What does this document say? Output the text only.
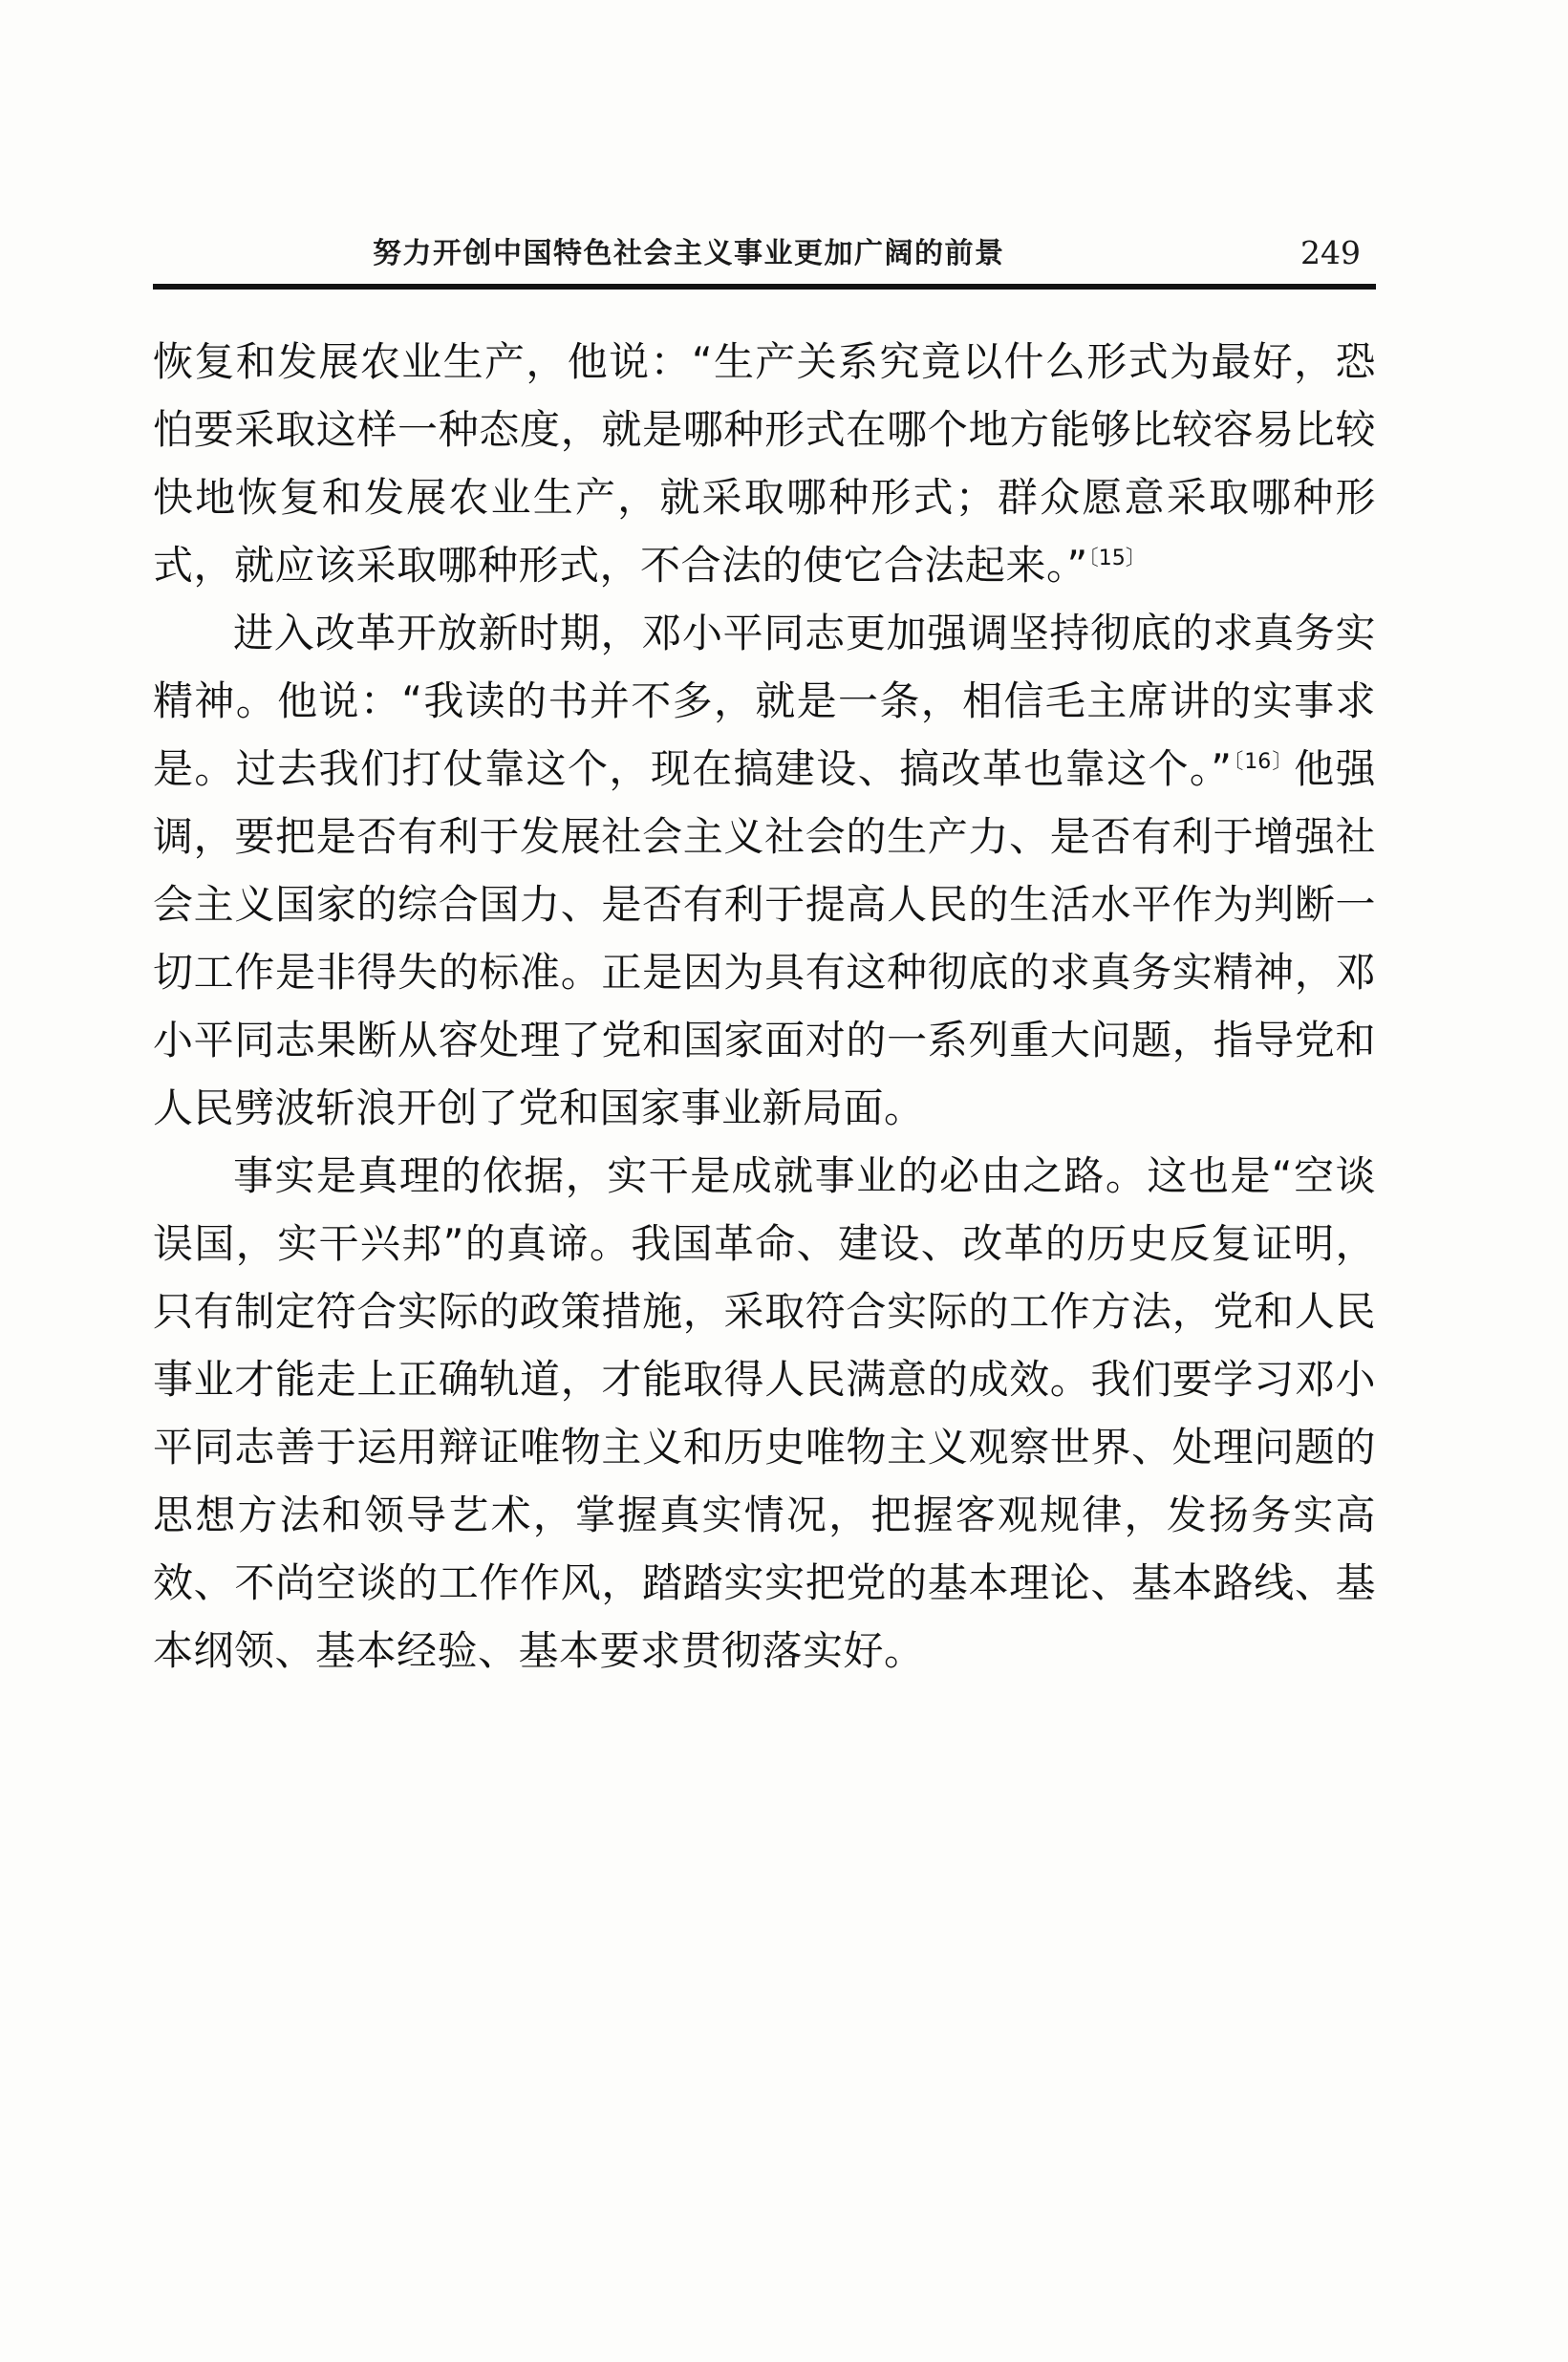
努力开创中国特色社会主义事业更加广阔的前景	249

恢复和发展农业生产，他说：“生产关系究竟以什么形式为最好，恐怕要采取这样一种态度，就是哪种形式在哪个地方能够比较容易比较快地恢复和发展农业生产，就采取哪种形式；群众愿意采取哪种形式，就应该采取哪种形式，不合法的使它合法起来。”$^{〔15〕}$

进入改革开放新时期，邓小平同志更加强调坚持彻底的求真务实精神。他说：“我读的书并不多，就是一条，相信毛主席讲的实事求是。过去我们打仗靠这个，现在搞建设、搞改革也靠这个。”$^{〔16〕}$他强调，要把是否有利于发展社会主义社会的生产力、是否有利于增强社会主义国家的综合国力、是否有利于提高人民的生活水平作为判断一切工作是非得失的标准。正是因为具有这种彻底的求真务实精神，邓小平同志果断从容处理了党和国家面对的一系列重大问题，指导党和人民劈波斩浪开创了党和国家事业新局面。

事实是真理的依据，实干是成就事业的必由之路。这也是“空谈误国，实干兴邦”的真谛。我国革命、建设、改革的历史反复证明，只有制定符合实际的政策措施，采取符合实际的工作方法，党和人民事业才能走上正确轨道，才能取得人民满意的成效。我们要学习邓小平同志善于运用辩证唯物主义和历史唯物主义观察世界、处理问题的思想方法和领导艺术，掌握真实情况，把握客观规律，发扬务实高效、不尚空谈的工作作风，踏踏实实把党的基本理论、基本路线、基本纲领、基本经验、基本要求贯彻落实好。
